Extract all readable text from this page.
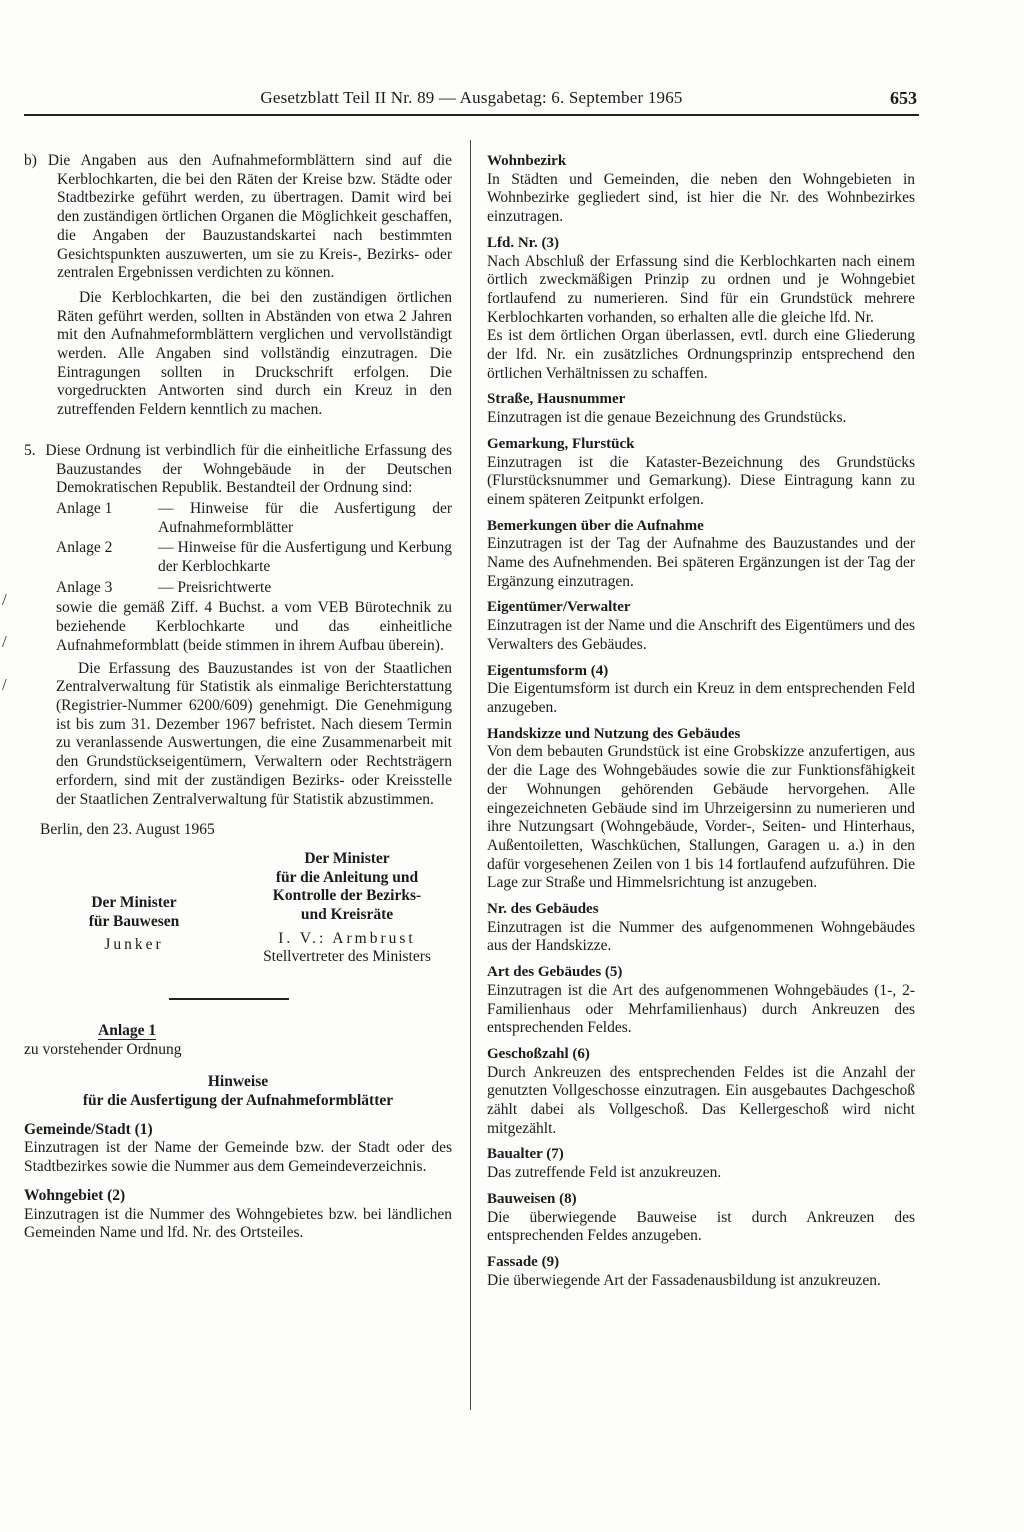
Gesetzblatt Teil II Nr. 89 — Ausgabetag: 6. September 1965	653
/
/
/

b) Die Angaben aus den Aufnahmeformblättern sind auf die Kerblochkarten, die bei den Räten der Kreise bzw. Städte oder Stadtbezirke geführt werden, zu übertragen. Damit wird bei den zuständigen örtlichen Organen die Möglichkeit geschaffen, die Angaben der Bauzustandskartei nach bestimmten Gesichtspunkten auszuwerten, um sie zu Kreis-, Bezirks- oder zentralen Ergebnissen verdichten zu können.

Die Kerblochkarten, die bei den zuständigen örtlichen Räten geführt werden, sollten in Abständen von etwa 2 Jahren mit den Aufnahmeformblättern verglichen und vervollständigt werden. Alle Angaben sind vollständig einzutragen. Die Eintragungen sollten in Druckschrift erfolgen. Die vorgedruckten Antworten sind durch ein Kreuz in den zutreffenden Feldern kenntlich zu machen.

5. Diese Ordnung ist verbindlich für die einheitliche Erfassung des Bauzustandes der Wohngebäude in der Deutschen Demokratischen Republik. Bestandteil der Ordnung sind:

Anlage 1	— Hinweise für die Ausfertigung der Aufnahmeformblätter
Anlage 2	— Hinweise für die Ausfertigung und Kerbung der Kerblochkarte
Anlage 3	— Preisrichtwerte

sowie die gemäß Ziff. 4 Buchst. a vom VEB Bürotechnik zu beziehende Kerblochkarte und das einheitliche Aufnahmeformblatt (beide stimmen in ihrem Aufbau überein).

Die Erfassung des Bauzustandes ist von der Staatlichen Zentralverwaltung für Statistik als einmalige Berichterstattung (Registrier-Nummer 6200/609) genehmigt. Die Genehmigung ist bis zum 31. Dezember 1967 befristet. Nach diesem Termin zu veranlassende Auswertungen, die eine Zusammenarbeit mit den Grundstückseigentümern, Verwaltern oder Rechtsträgern erfordern, sind mit der zuständigen Bezirks- oder Kreisstelle der Staatlichen Zentralverwaltung für Statistik abzustimmen.

Berlin, den 23. August 1965

Der Minister
für Bauwesen
Junker
Der Minister
für die Anleitung und
Kontrolle der Bezirks-
und Kreisräte
I. V.: Armbrust
Stellvertreter des Ministers
Anlage 1
zu vorstehender Ordnung
Hinweise
für die Ausfertigung der Aufnahmeformblätter
Gemeinde/Stadt (1)

Einzutragen ist der Name der Gemeinde bzw. der Stadt oder des Stadtbezirkes sowie die Nummer aus dem Gemeindeverzeichnis.

Wohngebiet (2)

Einzutragen ist die Nummer des Wohngebietes bzw. bei ländlichen Gemeinden Name und lfd. Nr. des Ortsteiles.

Wohnbezirk

In Städten und Gemeinden, die neben den Wohngebieten in Wohnbezirke gegliedert sind, ist hier die Nr. des Wohnbezirkes einzutragen.

Lfd. Nr. (3)

Nach Abschluß der Erfassung sind die Kerblochkarten nach einem örtlich zweckmäßigen Prinzip zu ordnen und je Wohngebiet fortlaufend zu numerieren. Sind für ein Grundstück mehrere Kerblochkarten vorhanden, so erhalten alle die gleiche lfd. Nr.

Es ist dem örtlichen Organ überlassen, evtl. durch eine Gliederung der lfd. Nr. ein zusätzliches Ordnungsprinzip entsprechend den örtlichen Verhältnissen zu schaffen.

Straße, Hausnummer

Einzutragen ist die genaue Bezeichnung des Grundstücks.

Gemarkung, Flurstück

Einzutragen ist die Kataster-Bezeichnung des Grundstücks (Flurstücksnummer und Gemarkung). Diese Eintragung kann zu einem späteren Zeitpunkt erfolgen.

Bemerkungen über die Aufnahme

Einzutragen ist der Tag der Aufnahme des Bauzustandes und der Name des Aufnehmenden. Bei späteren Ergänzungen ist der Tag der Ergänzung einzutragen.

Eigentümer/Verwalter

Einzutragen ist der Name und die Anschrift des Eigentümers und des Verwalters des Gebäudes.

Eigentumsform (4)

Die Eigentumsform ist durch ein Kreuz in dem entsprechenden Feld anzugeben.

Handskizze und Nutzung des Gebäudes

Von dem bebauten Grundstück ist eine Grobskizze anzufertigen, aus der die Lage des Wohngebäudes sowie die zur Funktionsfähigkeit der Wohnungen gehörenden Gebäude hervorgehen. Alle eingezeichneten Gebäude sind im Uhrzeigersinn zu numerieren und ihre Nutzungsart (Wohngebäude, Vorder-, Seiten- und Hinterhaus, Außentoiletten, Waschküchen, Stallungen, Garagen u. a.) in den dafür vorgesehenen Zeilen von 1 bis 14 fortlaufend aufzuführen. Die Lage zur Straße und Himmelsrichtung ist anzugeben.

Nr. des Gebäudes

Einzutragen ist die Nummer des aufgenommenen Wohngebäudes aus der Handskizze.

Art des Gebäudes (5)

Einzutragen ist die Art des aufgenommenen Wohngebäudes (1-, 2-Familienhaus oder Mehrfamilienhaus) durch Ankreuzen des entsprechenden Feldes.

Geschoßzahl (6)

Durch Ankreuzen des entsprechenden Feldes ist die Anzahl der genutzten Vollgeschosse einzutragen. Ein ausgebautes Dachgeschoß zählt dabei als Vollgeschoß. Das Kellergeschoß wird nicht mitgezählt.

Baualter (7)

Das zutreffende Feld ist anzukreuzen.

Bauweisen (8)

Die überwiegende Bauweise ist durch Ankreuzen des entsprechenden Feldes anzugeben.

Fassade (9)

Die überwiegende Art der Fassadenausbildung ist anzukreuzen.
